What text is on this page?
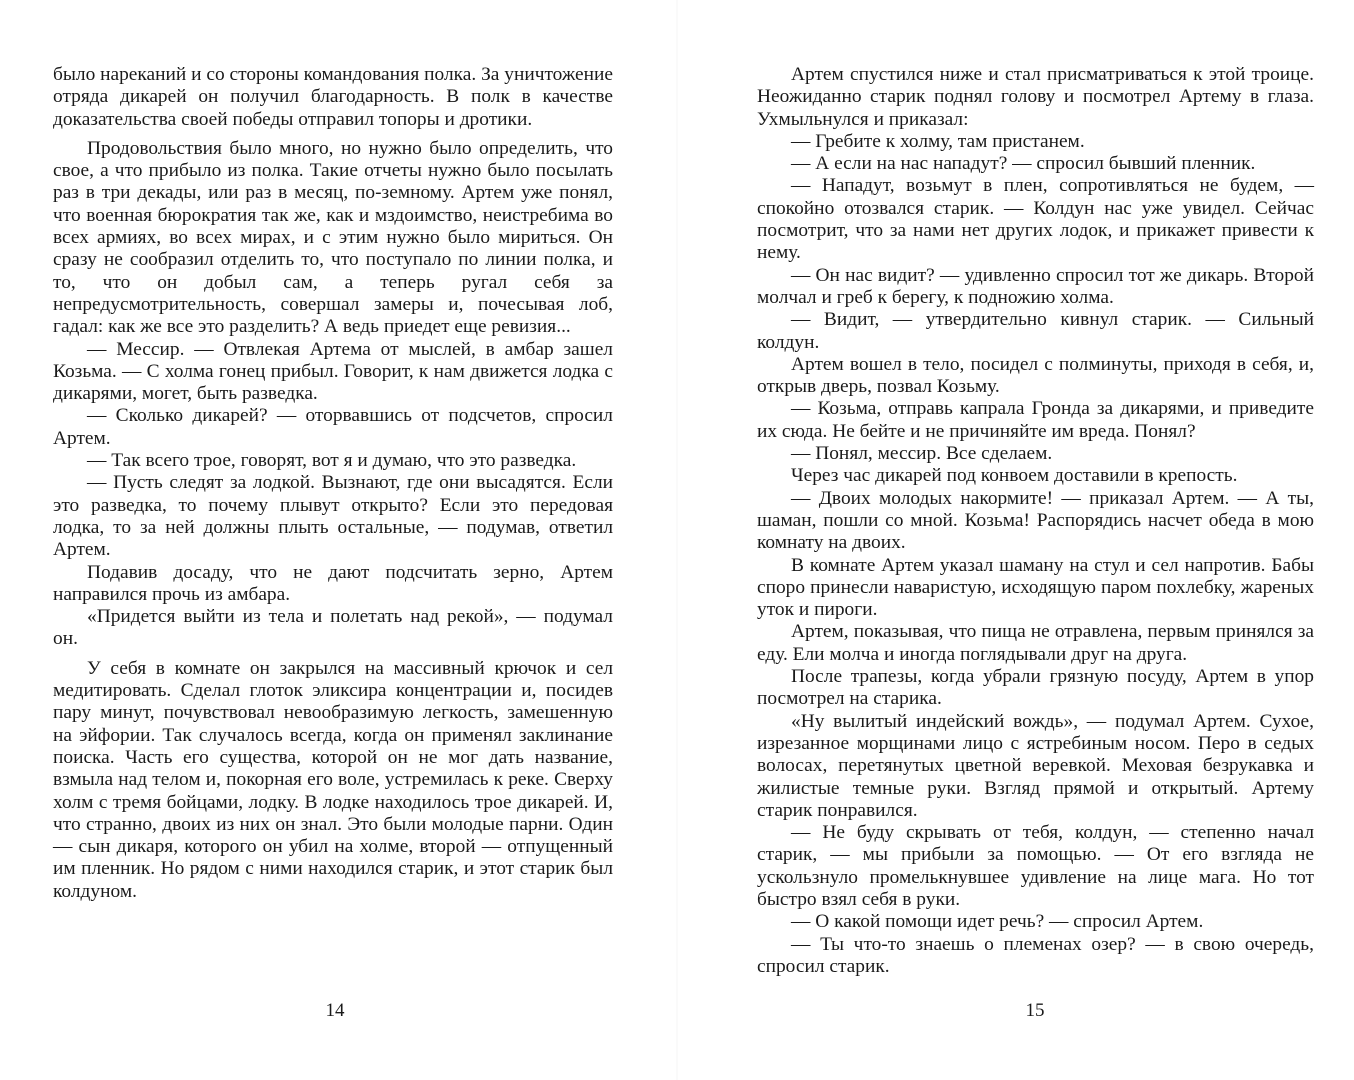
было нареканий и со стороны командования полка. За уничтожение отряда дикарей он получил благодарность. В полк в качестве доказательства своей победы отправил топоры и дротики.

Продовольствия было много, но нужно было определить, что свое, а что прибыло из полка. Такие отчеты нужно было посылать раз в три декады, или раз в месяц, по-земному. Артем уже понял, что военная бюрократия так же, как и мздоимство, неистребима во всех армиях, во всех мирах, и с этим нужно было мириться. Он сразу не сообразил отделить то, что поступало по линии полка, и то, что он добыл сам, а теперь ругал себя за непредусмотрительность, совершал замеры и, почесывая лоб, гадал: как же все это разделить? А ведь приедет еще ревизия...

— Мессир. — Отвлекая Артема от мыслей, в амбар зашел Козьма. — С холма гонец прибыл. Говорит, к нам движется лодка с дикарями, могет, быть разведка.

— Сколько дикарей? — оторвавшись от подсчетов, спросил Артем.

— Так всего трое, говорят, вот я и думаю, что это разведка.

— Пусть следят за лодкой. Вызнают, где они высадятся. Если это разведка, то почему плывут открыто? Если это передовая лодка, то за ней должны плыть остальные, — подумав, ответил Артем.

Подавив досаду, что не дают подсчитать зерно, Артем направился прочь из амбара.

«Придется выйти из тела и полетать над рекой», — подумал он.

У себя в комнате он закрылся на массивный крючок и сел медитировать. Сделал глоток эликсира концентрации и, посидев пару минут, почувствовал невообразимую легкость, замешенную на эйфории. Так случалось всегда, когда он применял заклинание поиска. Часть его существа, которой он не мог дать название, взмыла над телом и, покорная его воле, устремилась к реке. Сверху холм с тремя бойцами, лодку. В лодке находилось трое дикарей. И, что странно, двоих из них он знал. Это были молодые парни. Один — сын дикаря, которого он убил на холме, второй — отпущенный им пленник. Но рядом с ними находился старик, и этот старик был колдуном.

Артем спустился ниже и стал присматриваться к этой троице. Неожиданно старик поднял голову и посмотрел Артему в глаза. Ухмыльнулся и приказал:

— Гребите к холму, там пристанем.

— А если на нас нападут? — спросил бывший пленник.

— Нападут, возьмут в плен, сопротивляться не будем, — спокойно отозвался старик. — Колдун нас уже увидел. Сейчас посмотрит, что за нами нет других лодок, и прикажет привести к нему.

— Он нас видит? — удивленно спросил тот же дикарь. Второй молчал и греб к берегу, к подножию холма.

— Видит, — утвердительно кивнул старик. — Сильный колдун.

Артем вошел в тело, посидел с полминуты, приходя в себя, и, открыв дверь, позвал Козьму.

— Козьма, отправь капрала Гронда за дикарями, и приведите их сюда. Не бейте и не причиняйте им вреда. Понял?

— Понял, мессир. Все сделаем.

Через час дикарей под конвоем доставили в крепость.

— Двоих молодых накормите! — приказал Артем. — А ты, шаман, пошли со мной. Козьма! Распорядись насчет обеда в мою комнату на двоих.

В комнате Артем указал шаману на стул и сел напротив. Бабы споро принесли наваристую, исходящую паром похлебку, жареных уток и пироги.

Артем, показывая, что пища не отравлена, первым принялся за еду. Ели молча и иногда поглядывали друг на друга.

После трапезы, когда убрали грязную посуду, Артем в упор посмотрел на старика.

«Ну вылитый индейский вождь», — подумал Артем. Сухое, изрезанное морщинами лицо с ястребиным носом. Перо в седых волосах, перетянутых цветной веревкой. Меховая безрукавка и жилистые темные руки. Взгляд прямой и открытый. Артему старик понравился.

— Не буду скрывать от тебя, колдун, — степенно начал старик, — мы прибыли за помощью. — От его взгляда не ускользнуло промелькнувшее удивление на лице мага. Но тот быстро взял себя в руки.

— О какой помощи идет речь? — спросил Артем.

— Ты что-то знаешь о племенах озер? — в свою очередь, спросил старик.

14	15
